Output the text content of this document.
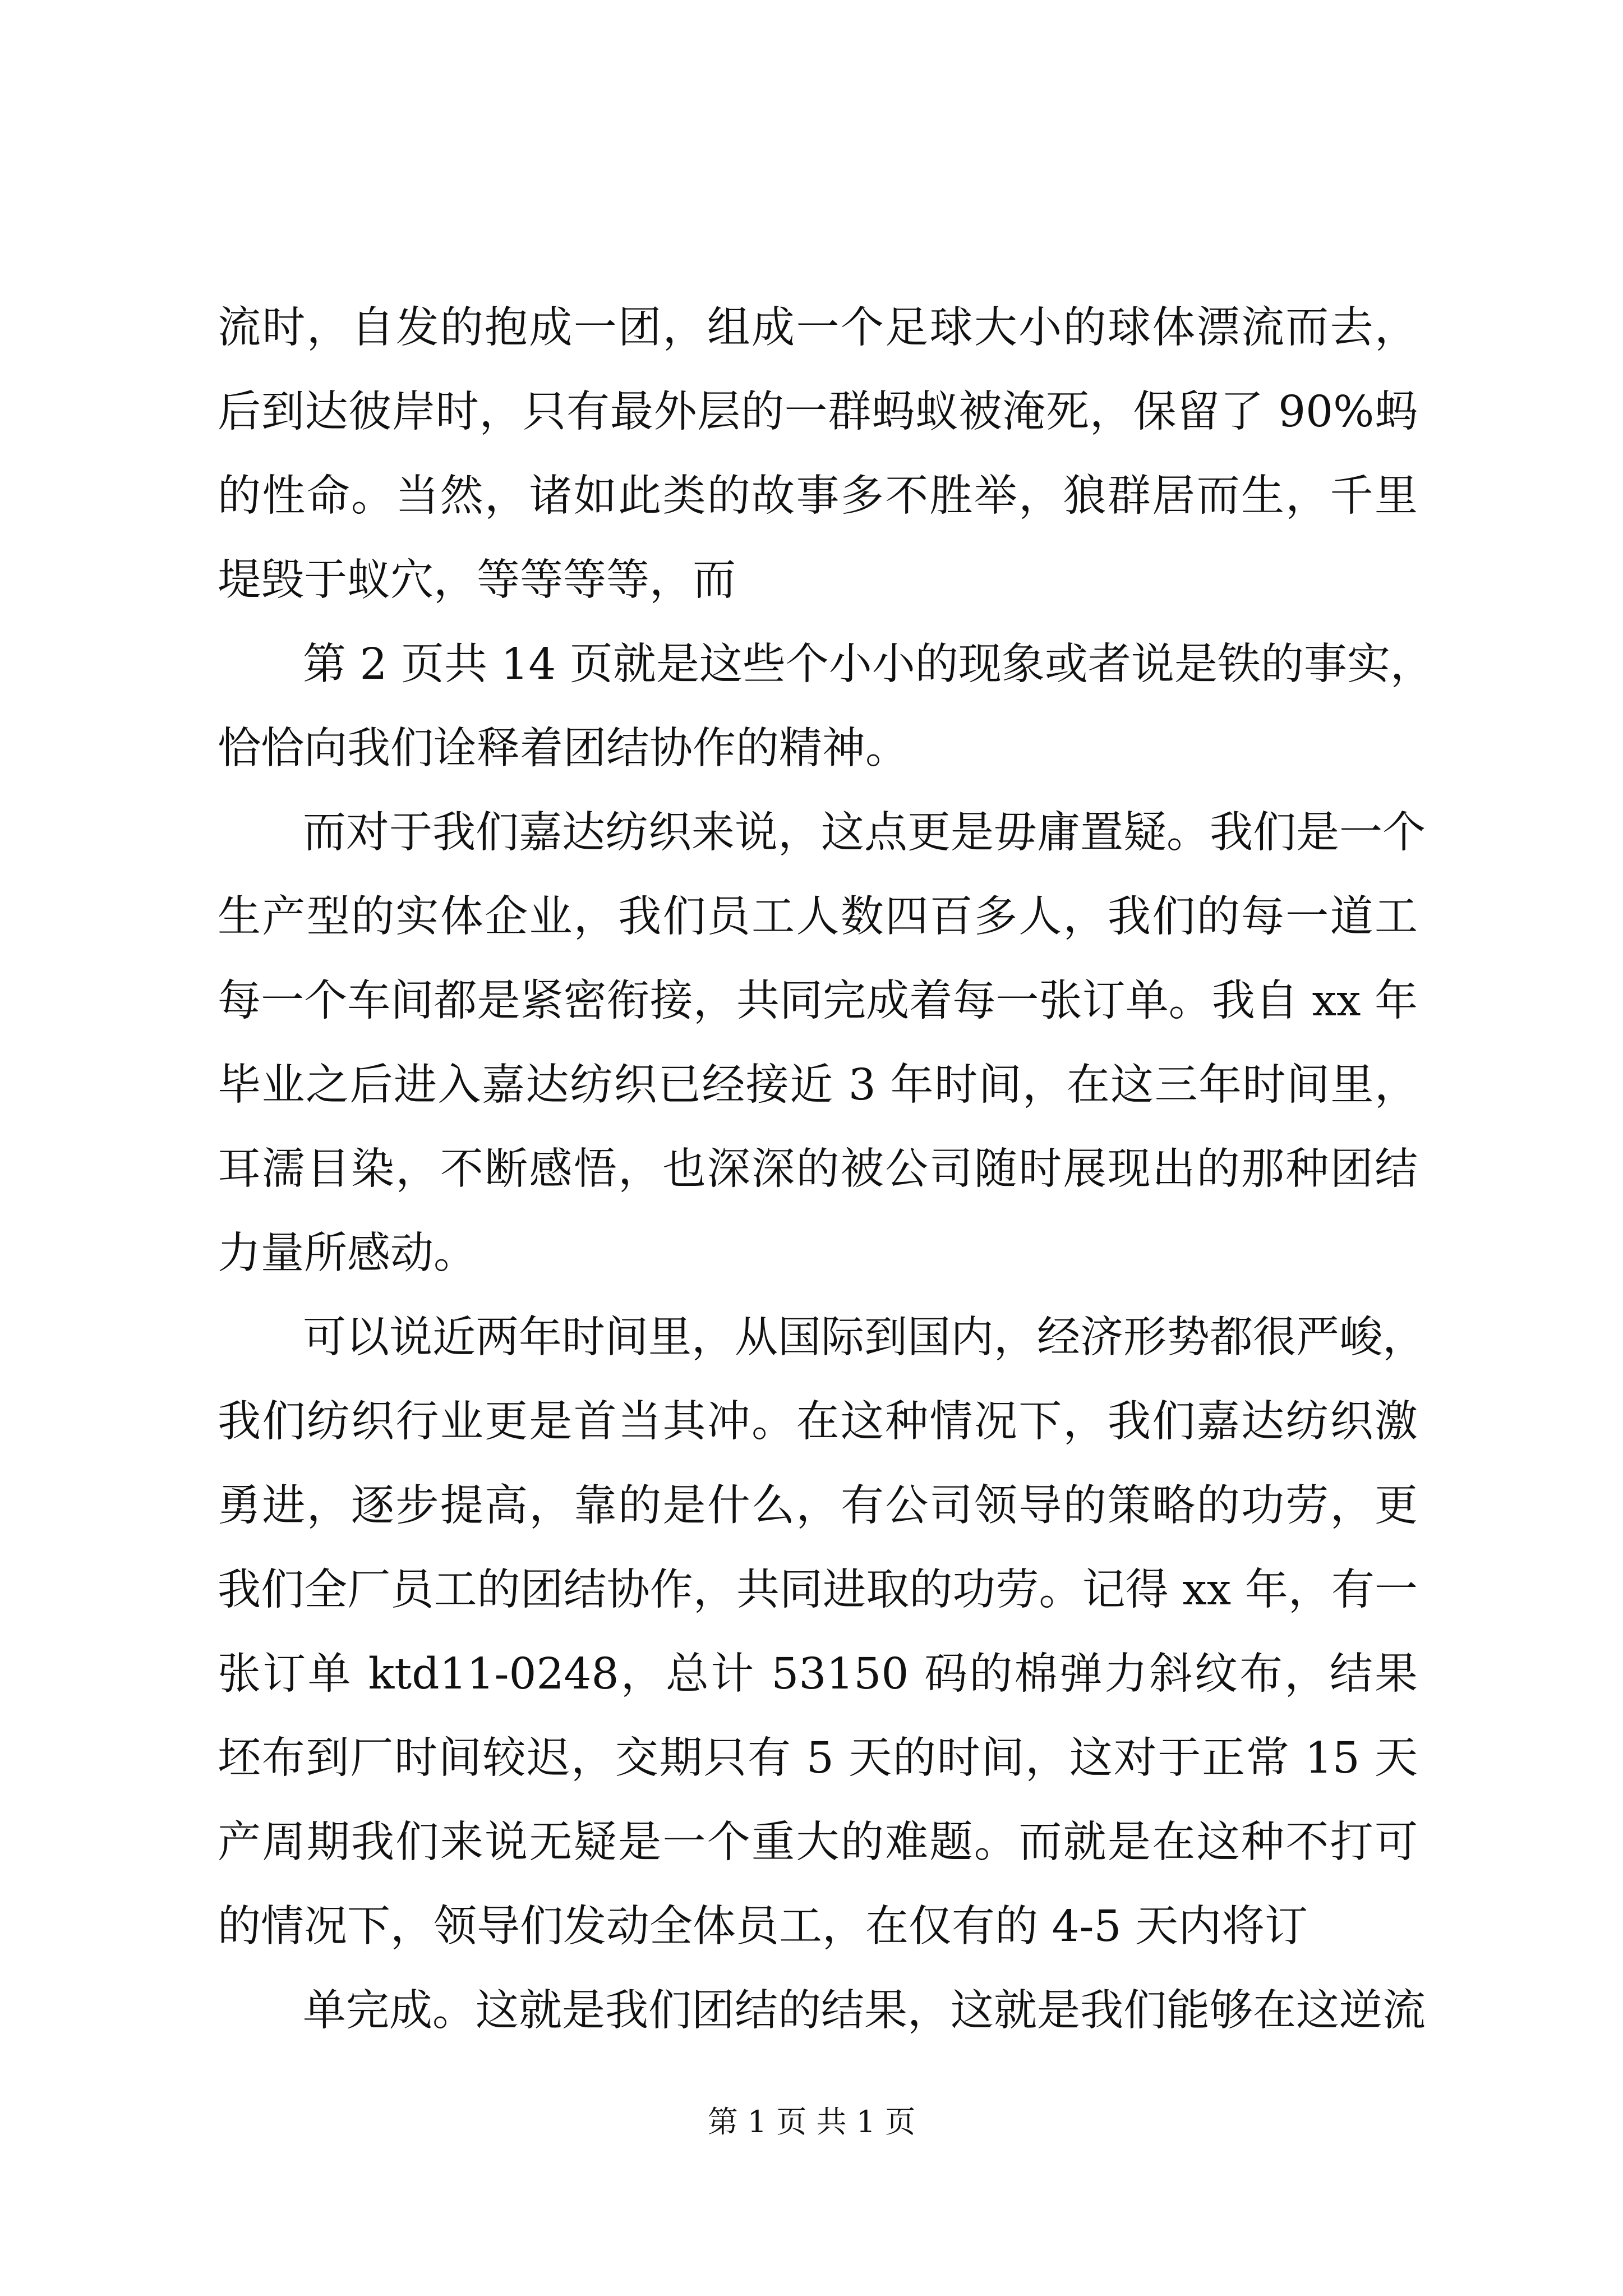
流时，自发的抱成一团，组成一个足球大小的球体漂流而去，
后到达彼岸时，只有最外层的一群蚂蚁被淹死，保留了 90%蚂
的性命。当然，诸如此类的故事多不胜举，狼群居而生，千里
堤毁于蚁穴，等等等等，而

第 2 页共 14 页就是这些个小小的现象或者说是铁的事实，
恰恰向我们诠释着团结协作的精神。

而对于我们嘉达纺织来说，这点更是毋庸置疑。我们是一个
生产型的实体企业，我们员工人数四百多人，我们的每一道工
每一个车间都是紧密衔接，共同完成着每一张订单。我自 xx 年
毕业之后进入嘉达纺织已经接近 3 年时间，在这三年时间里，
耳濡目染，不断感悟，也深深的被公司随时展现出的那种团结
力量所感动。

可以说近两年时间里，从国际到国内，经济形势都很严峻，
我们纺织行业更是首当其冲。在这种情况下，我们嘉达纺织激
勇进，逐步提高，靠的是什么，有公司领导的策略的功劳，更
我们全厂员工的团结协作，共同进取的功劳。记得 xx 年，有一
张订单 ktd11-0248，总计 53150 码的棉弹力斜纹布，结果
坯布到厂时间较迟，交期只有 5 天的时间，这对于正常 15 天
产周期我们来说无疑是一个重大的难题。而就是在这种不打可
的情况下，领导们发动全体员工，在仅有的 4-5 天内将订

单完成。这就是我们团结的结果，这就是我们能够在这逆流

第 1 页 共 1 页
